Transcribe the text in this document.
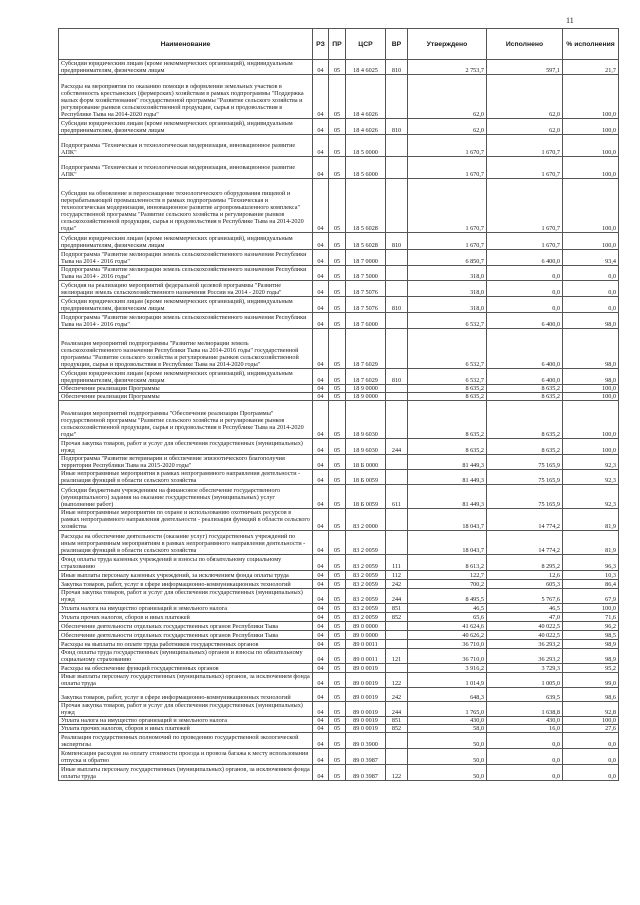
11
Наименование	РЗ	ПР	ЦСР	ВР	Утверждено	Исполнено	% исполнения
Субсидии юридическим лицам (кроме некоммерческих организаций), индивидуальным предпринимателям, физическим лицам	04	05	18 4 6025	810	2 753,7	597,1	21,7
Расходы на мероприятия по оказанию помощи в оформлении земельных участков в собственность крестьянских (фермерских) хозяйствам в рамках подпрограммы "Поддержка малых форм хозяйствования" государственной программы "Развитие сельского хозяйства и регулирование рынков сельскохозяйственной продукции, сырья и продовольствия в Республике Тыва на 2014-2020 годы"	04	05	18 4 6026		62,0	62,0	100,0
Субсидии юридическим лицам (кроме некоммерческих организаций), индивидуальным предпринимателям, физическим лицам	04	05	18 4 6026	810	62,0	62,0	100,0
Подпрограмма "Техническая и технологическая модернизация, инновационное развитие АПК"	04	05	18 5 0000		1 670,7	1 670,7	100,0
Подпрограмма "Техническая и технологическая модернизация, инновационное развитие АПК"	04	05	18 5 6000		1 670,7	1 670,7	100,0
Субсидии на обновление и переоснащение технологического оборудования пищевой и перерабатывающей промышленности в рамках подпрограммы "Техническая и технологическая модернизация, инновационное развитие агропромышленного комплекса" государственной программы "Развитие сельского хозяйства и регулирование рынков сельскохозяйственной продукции, сырья и продовольствия в Республике Тыва на 2014-2020 годы"	04	05	18 5 6028		1 670,7	1 670,7	100,0
Субсидии юридическим лицам (кроме некоммерческих организаций), индивидуальным предпринимателям, физическим лицам	04	05	18 5 6028	810	1 670,7	1 670,7	100,0
Подпрограмма "Развитие мелиорации земель сельскохозяйственного назначения Республики Тыва на 2014 - 2016 годы"	04	05	18 7 0000		6 850,7	6 400,0	93,4
Подпрограмма "Развитие мелиорации земель сельскохозяйственного назначения Республики Тыва на 2014 - 2016 годы"	04	05	18 7 5000		318,0	0,0	0,0
Субсидия на реализацию мероприятий федеральной целевой программы "Развитие мелиорации земель сельскохозяйственного назначения России на 2014 - 2020 годы"	04	05	18 7 5076		318,0	0,0	0,0
Субсидии юридическим лицам (кроме некоммерческих организаций), индивидуальным предпринимателям, физическим лицам	04	05	18 7 5076	810	318,0	0,0	0,0
Подпрограмма "Развитие мелиорации земель сельскохозяйственного назначения Республики Тыва на 2014 - 2016 годы"	04	05	18 7 6000		6 532,7	6 400,0	98,0
Реализация мероприятий подпрограммы "Развитие мелиорации земель сельскохозяйственного назначения Республики Тыва на 2014-2016 годы" государственной программы "Развитие сельского хозяйства и регулирование рынков сельскохозяйственной продукции, сырья и продовольствия в Республике Тыва на 2014-2020 годы"	04	05	18 7 6029		6 532,7	6 400,0	98,0
Субсидии юридическим лицам (кроме некоммерческих организаций), индивидуальным предпринимателям, физическим лицам	04	05	18 7 6029	810	6 532,7	6 400,0	98,0
Обеспечение реализации Программы	04	05	18 9 0000		8 635,2	8 635,2	100,0
Обеспечение реализации Программы	04	05	18 9 0000		8 635,2	8 635,2	100,0
Реализация мероприятий подпрограммы "Обеспечение реализации Программы" государственной программы "Развитие сельского хозяйства и регулирование рынков сельскохозяйственной продукции, сырья и продовольствия в Республике Тыва на 2014-2020 годы"	04	05	18 9 6030		8 635,2	8 635,2	100,0
Прочая закупка товаров, работ и услуг для обеспечения государственных (муниципальных) нужд	04	05	18 9 6030	244	8 635,2	8 635,2	100,0
Подпрограмма "Развитие ветеринарии и обеспечение эпизоотического благополучия территории Республики Тыва на 2015-2020 годы"	04	05	18 Б 0000		81 449,3	75 165,9	92,3
Иные непрограммные мероприятия в рамках непрограммного направления деятельности - реализация функций в области сельского хозяйства	04	05	18 Б 0059		81 449,3	75 165,9	92,3
Субсидии бюджетным учреждениям на финансовое обеспечение государственного (муниципального) задания на оказание государственных (муниципальных) услуг (выполнение работ)	04	05	18 Б 0059	611	81 449,3	75 165,9	92,3
Иные непрограммные мероприятия по охране и использованию охотничьих ресурсов в рамках непрограммного направления деятельности - реализация функций в области сельского хозяйства	04	05	83 2 0000		18 043,7	14 774,2	81,9
Расходы на обеспечение деятельности (оказание услуг) государственных учреждений по иным непрограммным мероприятиям в рамках непрограммного направления деятельности - реализация функций в области сельского хозяйства	04	05	83 2 0059		18 043,7	14 774,2	81,9
Фонд оплаты труда казенных учреждений и взносы по обязательному социальному страхованию	04	05	83 2 0059	111	8 613,2	8 295,2	96,3
Иные выплаты персоналу казенных учреждений, за исключением фонда оплаты труда	04	05	83 2 0059	112	122,7	12,6	10,3
Закупка товаров, работ, услуг в сфере информационно-коммуникационных технологий	04	05	83 2 0059	242	700,2	605,3	86,4
Прочая закупка товаров, работ и услуг для обеспечения государственных (муниципальных) нужд	04	05	83 2 0059	244	8 495,5	5 767,6	67,9
Уплата налога на имущество организаций и земельного налога	04	05	83 2 0059	851	46,5	46,5	100,0
Уплата прочих налогов, сборов и иных платежей	04	05	83 2 0059	852	65,6	47,0	71,6
Обеспечение деятельности отдельных государственных органов Республики Тыва	04	05	89 0 0000		41 624,6	40 022,5	96,2
Обеспечение деятельности отдельных государственных органов Республики Тыва	04	05	89 0 0000		40 626,2	40 022,5	98,5
Расходы на выплаты по оплате труда работников государственных органов	04	05	89 0 0011		36 710,0	36 293,2	98,9
Фонд оплаты труда государственных (муниципальных) органов и взносы по обязательному социальному страхованию	04	05	89 0 0011	121	36 710,0	36 293,2	98,9
Расходы на обеспечение функций государственных органов	04	05	89 0 0019		3 916,2	3 729,3	95,2
Иные выплаты персоналу государственных (муниципальных) органов, за исключением фонда оплаты труда	04	05	89 0 0019	122	1 014,9	1 005,0	99,0
Закупка товаров, работ, услуг в сфере информационно-коммуникационных технологий	04	05	89 0 0019	242	648,3	639,5	98,6
Прочая закупка товаров, работ и услуг для обеспечения государственных (муниципальных) нужд	04	05	89 0 0019	244	1 765,0	1 638,8	92,8
Уплата налога на имущество организаций и земельного налога	04	05	89 0 0019	851	430,0	430,0	100,0
Уплата прочих налогов, сборов и иных платежей	04	05	89 0 0019	852	58,0	16,0	27,6
Реализация государственных полномочий по проведению государственной экологической экспертизы	04	05	89 0 3900		50,0	0,0	0,0
Компенсация расходов на оплату стоимости проезда и провоза багажа к месту использования отпуска и обратно	04	05	89 0 3987		50,0	0,0	0,0
Иные выплаты персоналу государственных (муниципальных) органов, за исключением фонда оплаты труда	04	05	89 0 3987	122	50,0	0,0	0,0
